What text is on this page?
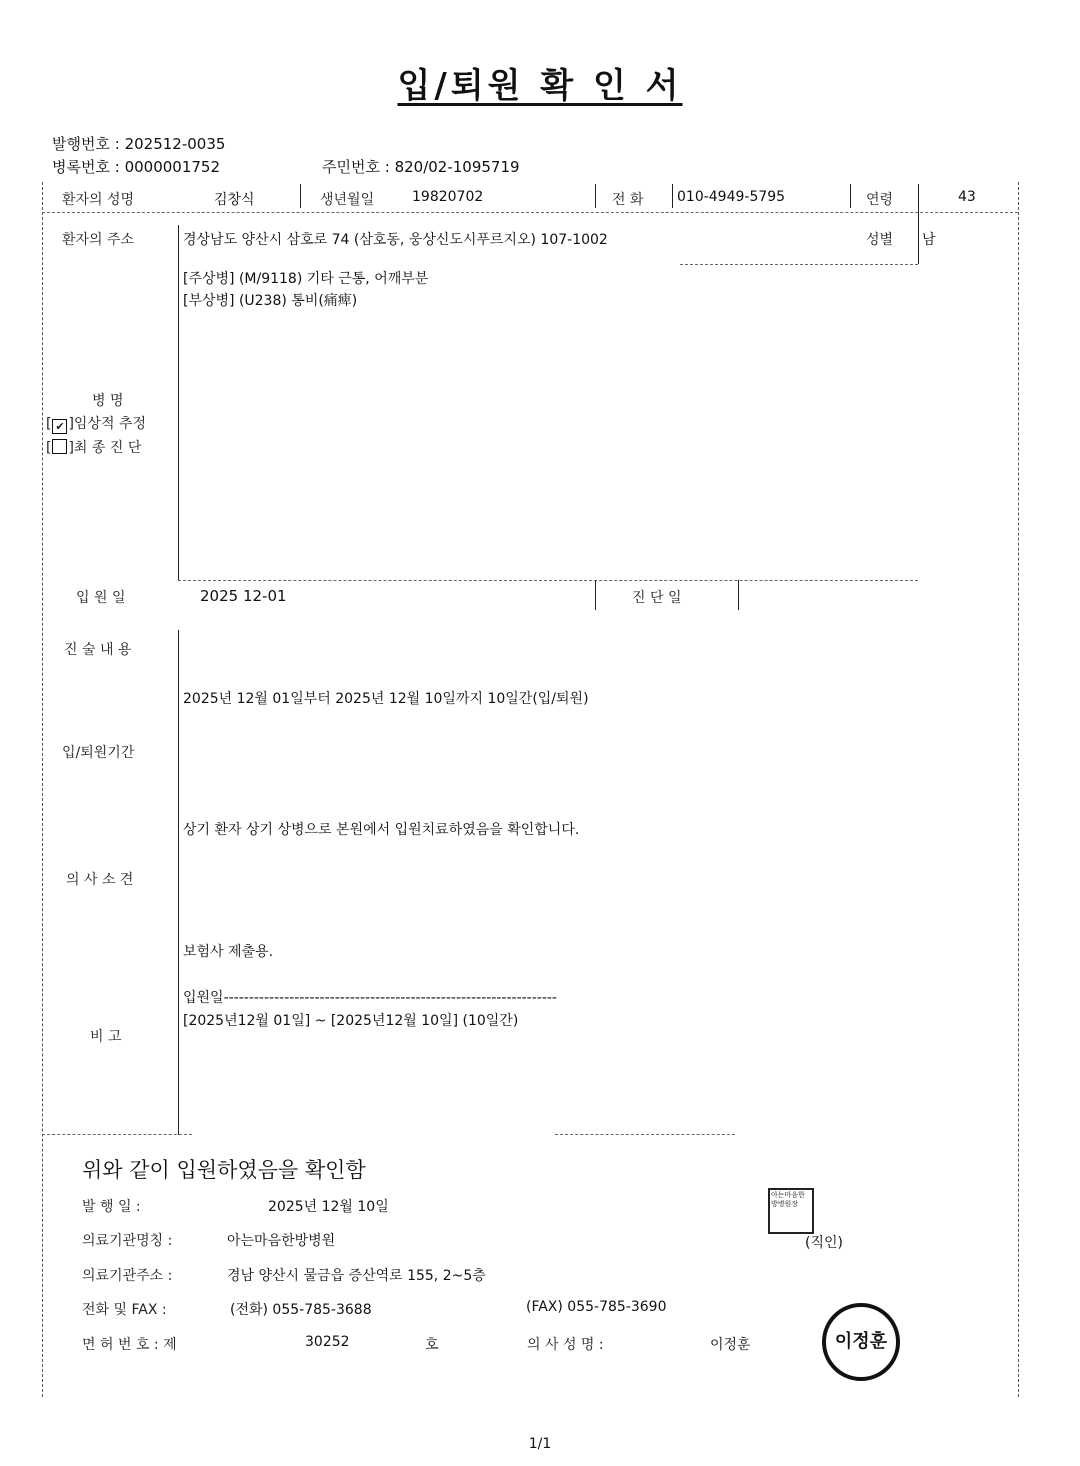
입/퇴원 확 인 서
발행번호 : 202512-0035
병록번호 : 0000001752	주민번호 : 820/02-1095719
환자의 성명	김창식	생년월일	19820702	전 화 010-4949-5795	연령	43
환자의 주소	경상남도 양산시 삼호로 74 (삼호동, 웅상신도시푸르지오) 107-1002	성별 남
[주상병] (M/9118) 기타 근통, 어깨부분
[부상병] (U238) 통비(痛痺)
병 명
[ ✔ ]임상적 추정
[ ]최 종 진 단
입 원 일	2025 12-01	진 단 일
진 술 내 용
2025년 12월 01일부터 2025년 12월 10일까지 10일간(입/퇴원)
입/퇴원기간
상기 환자 상기 상병으로 본원에서 입원치료하였음을 확인합니다.
의 사 소 견
보험사 제출용.
입원일------------------------------------------------------------------
[2025년12월 01일] ~ [2025년12월 10일] (10일간)
비 고
위와 같이 입원하였음을 확인함
발 행 일 :	2025년 12월 10일
의료기관명칭 :	아는마음한방병원	(직인)
의료기관주소 :	경남 양산시 물금읍 증산역로 155, 2~5층
전화 및 FAX :	(전화) 055-785-3688	(FAX) 055-785-3690
면 허 번 호 : 제	30252	호	의 사 성 명 :	이정훈
아는마음한방병원장
이정훈
1/1
